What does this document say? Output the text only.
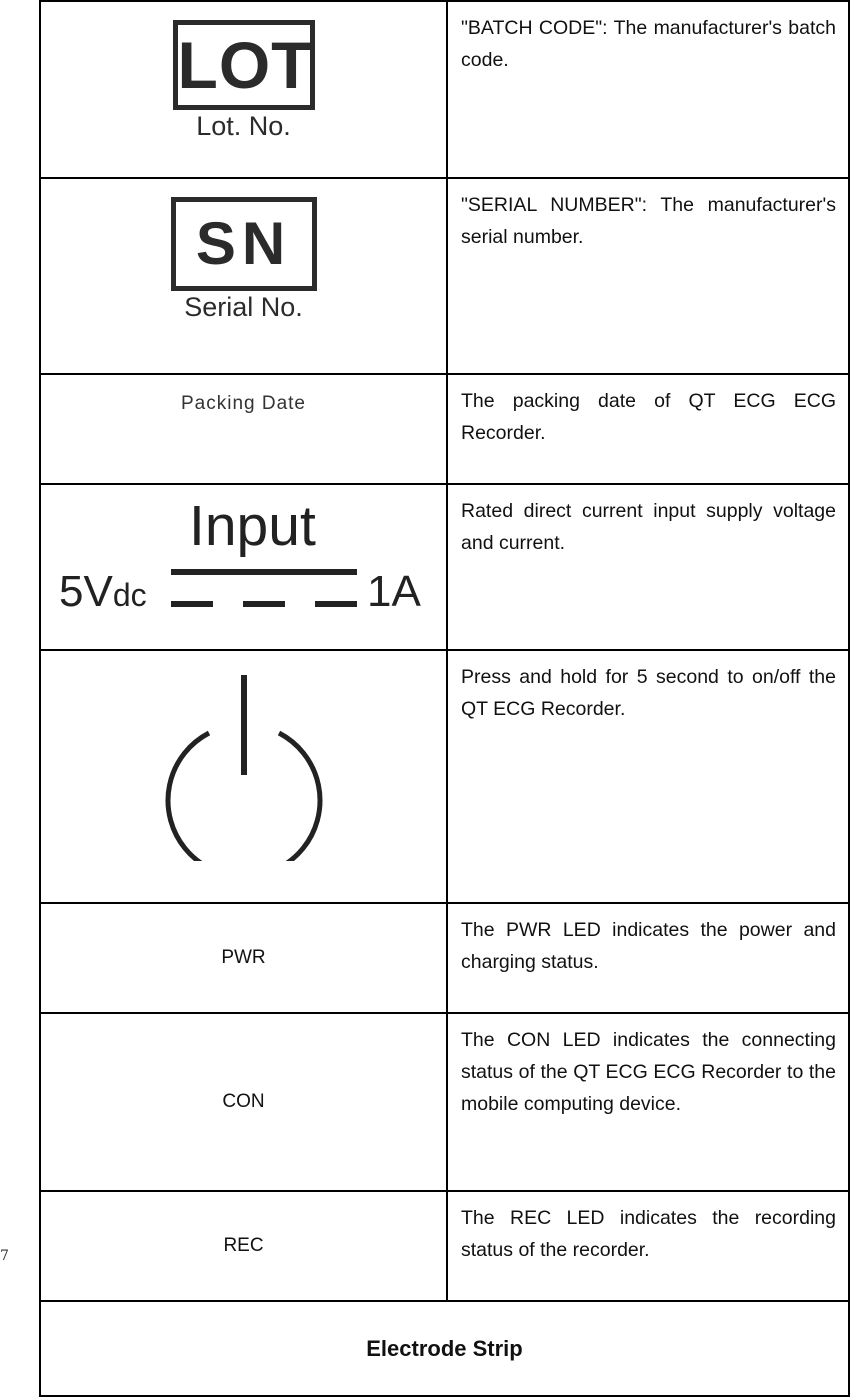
LOT
Lot. No.	"BATCH CODE": The manufacturer's batch code.
SN
Serial No.	"SERIAL NUMBER": The manufacturer's serial number.

Packing Date	The packing date of QT ECG ECG Recorder.

Input
5Vdc 1A	Rated direct current input supply voltage and current.

	Press and hold for 5 second to on/off the QT ECG Recorder.

PWR	The PWR LED indicates the power and charging status.

CON	The CON LED indicates the connecting status of the QT ECG ECG Recorder to the mobile computing device.

REC	The REC LED indicates the recording status of the recorder.
Electrode Strip	
7
